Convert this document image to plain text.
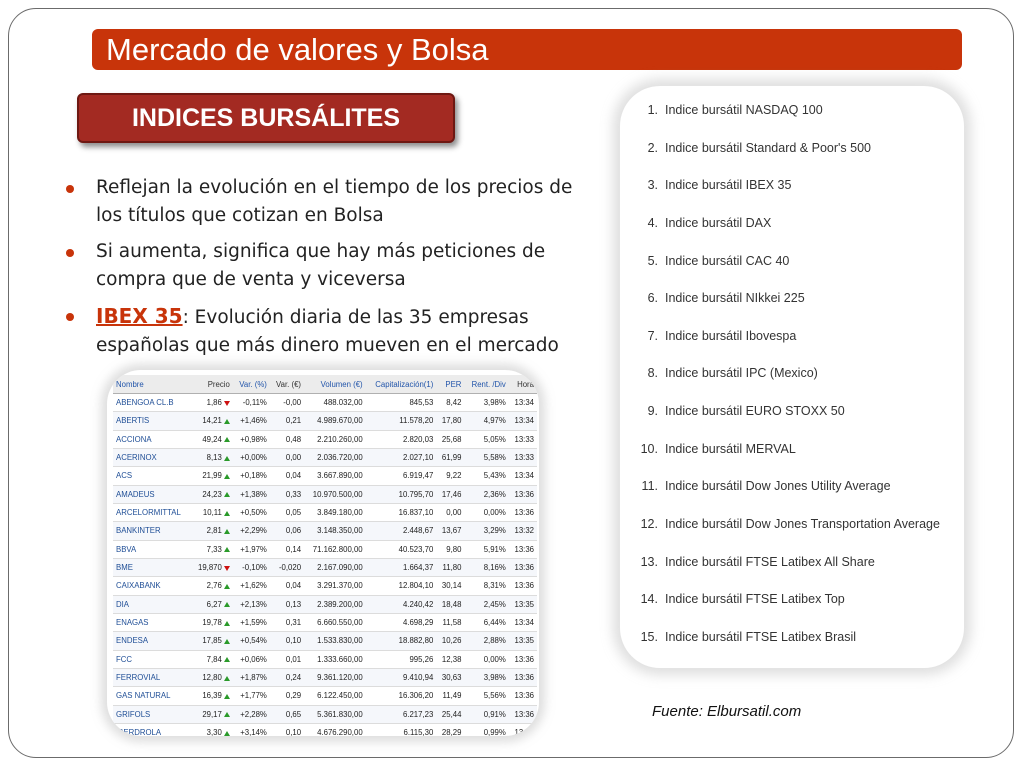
Mercado de valores y Bolsa
INDICES BURSÁLITES
Reflejan la evolución en el tiempo de los precios de los títulos que cotizan en Bolsa
Si aumenta, significa que hay más peticiones de compra que de venta y viceversa
IBEX 35: Evolución diaria de las 35 empresas españolas que más dinero mueven en el mercado
Nombre	Precio	Var. (%)	Var. (€)	Volumen (€)	Capitalización(1)	PER	Rent. /Div	Hora
ABENGOA CL.B	1,86	-0,11%	-0,00	488.032,00	845,53	8,42	3,98%	13:34
ABERTIS	14,21	+1,46%	0,21	4.989.670,00	11.578,20	17,80	4,97%	13:34
ACCIONA	49,24	+0,98%	0,48	2.210.260,00	2.820,03	25,68	5,05%	13:33
ACERINOX	8,13	+0,00%	0,00	2.036.720,00	2.027,10	61,99	5,58%	13:33
ACS	21,99	+0,18%	0,04	3.667.890,00	6.919,47	9,22	5,43%	13:34
AMADEUS	24,23	+1,38%	0,33	10.970.500,00	10.795,70	17,46	2,36%	13:36
ARCELORMITTAL	10,11	+0,50%	0,05	3.849.180,00	16.837,10	0,00	0,00%	13:36
BANKINTER	2,81	+2,29%	0,06	3.148.350,00	2.448,67	13,67	3,29%	13:32
BBVA	7,33	+1,97%	0,14	71.162.800,00	40.523,70	9,80	5,91%	13:36
BME	19,870	-0,10%	-0,020	2.167.090,00	1.664,37	11,80	8,16%	13:36
CAIXABANK	2,76	+1,62%	0,04	3.291.370,00	12.804,10	30,14	8,31%	13:36
DIA	6,27	+2,13%	0,13	2.389.200,00	4.240,42	18,48	2,45%	13:35
ENAGAS	19,78	+1,59%	0,31	6.660.550,00	4.698,29	11,58	6,44%	13:34
ENDESA	17,85	+0,54%	0,10	1.533.830,00	18.882,80	10,26	2,88%	13:35
FCC	7,84	+0,06%	0,01	1.333.660,00	995,26	12,38	0,00%	13:36
FERROVIAL	12,80	+1,87%	0,24	9.361.120,00	9.410,94	30,63	3,98%	13:36
GAS NATURAL	16,39	+1,77%	0,29	6.122.450,00	16.306,20	11,49	5,56%	13:36
GRIFOLS	29,17	+2,28%	0,65	5.361.830,00	6.217,23	25,44	0,91%	13:36
IBERDROLA	3,30	+3,14%	0,10	4.676.290,00	6.115,30	28,29	0,99%	13:36
1. Indice bursátil NASDAQ 100
2. Indice bursátil Standard & Poor's 500
3. Indice bursátil IBEX 35
4. Indice bursátil DAX
5. Indice bursátil CAC 40
6. Indice bursátil NIkkei 225
7. Indice bursátil Ibovespa
8. Indice bursátil IPC (Mexico)
9. Indice bursátil EURO STOXX 50
10. Indice bursátil MERVAL
11. Indice bursátil Dow Jones Utility Average
12. Indice bursátil Dow Jones Transportation Average
13. Indice bursátil FTSE Latibex All Share
14. Indice bursátil FTSE Latibex Top
15. Indice bursátil FTSE Latibex Brasil
Fuente: Elbursatil.com
